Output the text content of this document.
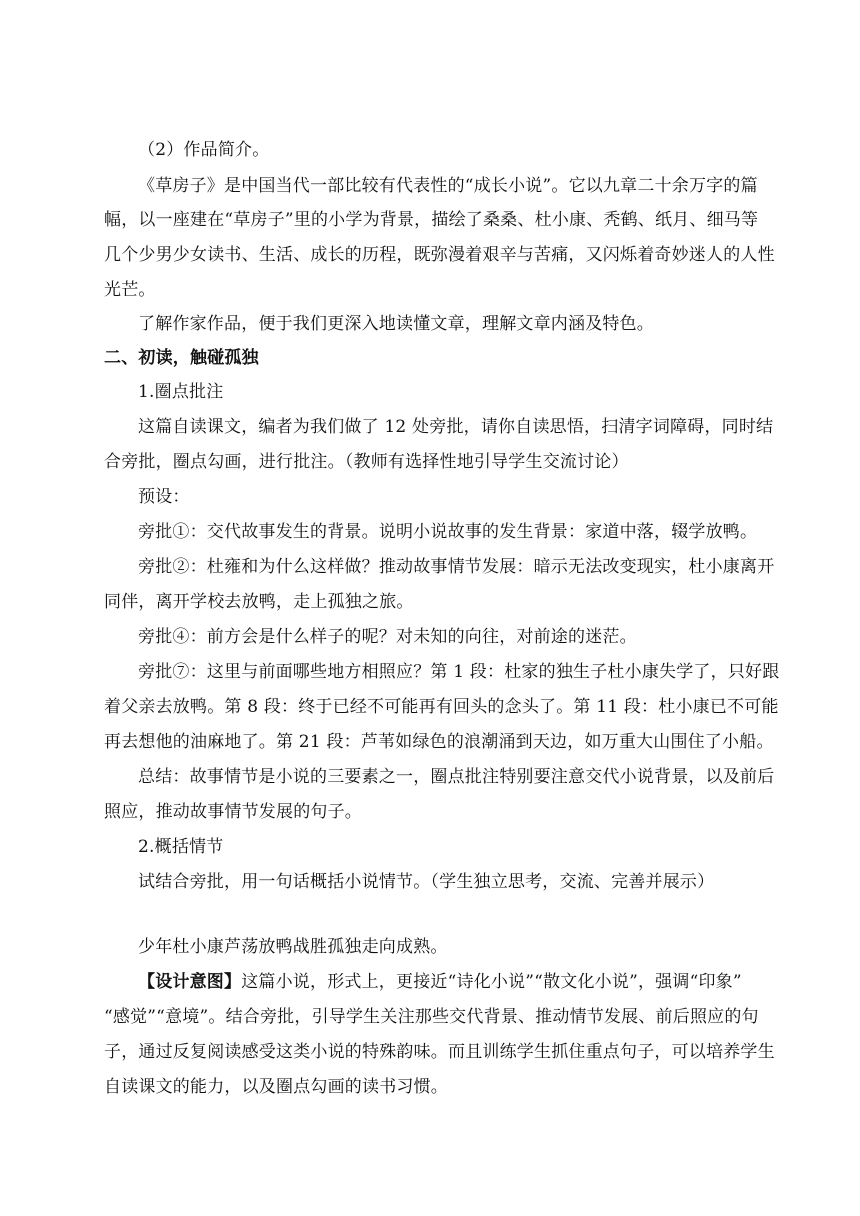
（2）作品简介。
《草房子》是中国当代一部比较有代表性的“成长小说”。它以九章二十余万字的篇
幅，以一座建在“草房子”里的小学为背景，描绘了桑桑、杜小康、秃鹤、纸月、细马等
几个少男少女读书、生活、成长的历程，既弥漫着艰辛与苦痛，又闪烁着奇妙迷人的人性
光芒。
了解作家作品，便于我们更深入地读懂文章，理解文章内涵及特色。
二、初读，触碰孤独
1.圈点批注
这篇自读课文，编者为我们做了 12 处旁批，请你自读思悟，扫清字词障碍，同时结
合旁批，圈点勾画，进行批注。（教师有选择性地引导学生交流讨论）
预设：
旁批①：交代故事发生的背景。说明小说故事的发生背景：家道中落，辍学放鸭。
旁批②：杜雍和为什么这样做？推动故事情节发展：暗示无法改变现实，杜小康离开
同伴，离开学校去放鸭，走上孤独之旅。
旁批④：前方会是什么样子的呢？对未知的向往，对前途的迷茫。
旁批⑦：这里与前面哪些地方相照应？第 1 段：杜家的独生子杜小康失学了，只好跟
着父亲去放鸭。第 8 段：终于已经不可能再有回头的念头了。第 11 段：杜小康已不可能
再去想他的油麻地了。第 21 段：芦苇如绿色的浪潮涌到天边，如万重大山围住了小船。
总结：故事情节是小说的三要素之一，圈点批注特别要注意交代小说背景，以及前后
照应，推动故事情节发展的句子。
2.概括情节
试结合旁批，用一句话概括小说情节。（学生独立思考，交流、完善并展示）
少年杜小康芦荡放鸭战胜孤独走向成熟。
【设计意图】这篇小说，形式上，更接近“诗化小说”“散文化小说”，强调“印象”
“感觉”“意境”。结合旁批，引导学生关注那些交代背景、推动情节发展、前后照应的句
子，通过反复阅读感受这类小说的特殊韵味。而且训练学生抓住重点句子，可以培养学生
自读课文的能力，以及圈点勾画的读书习惯。
